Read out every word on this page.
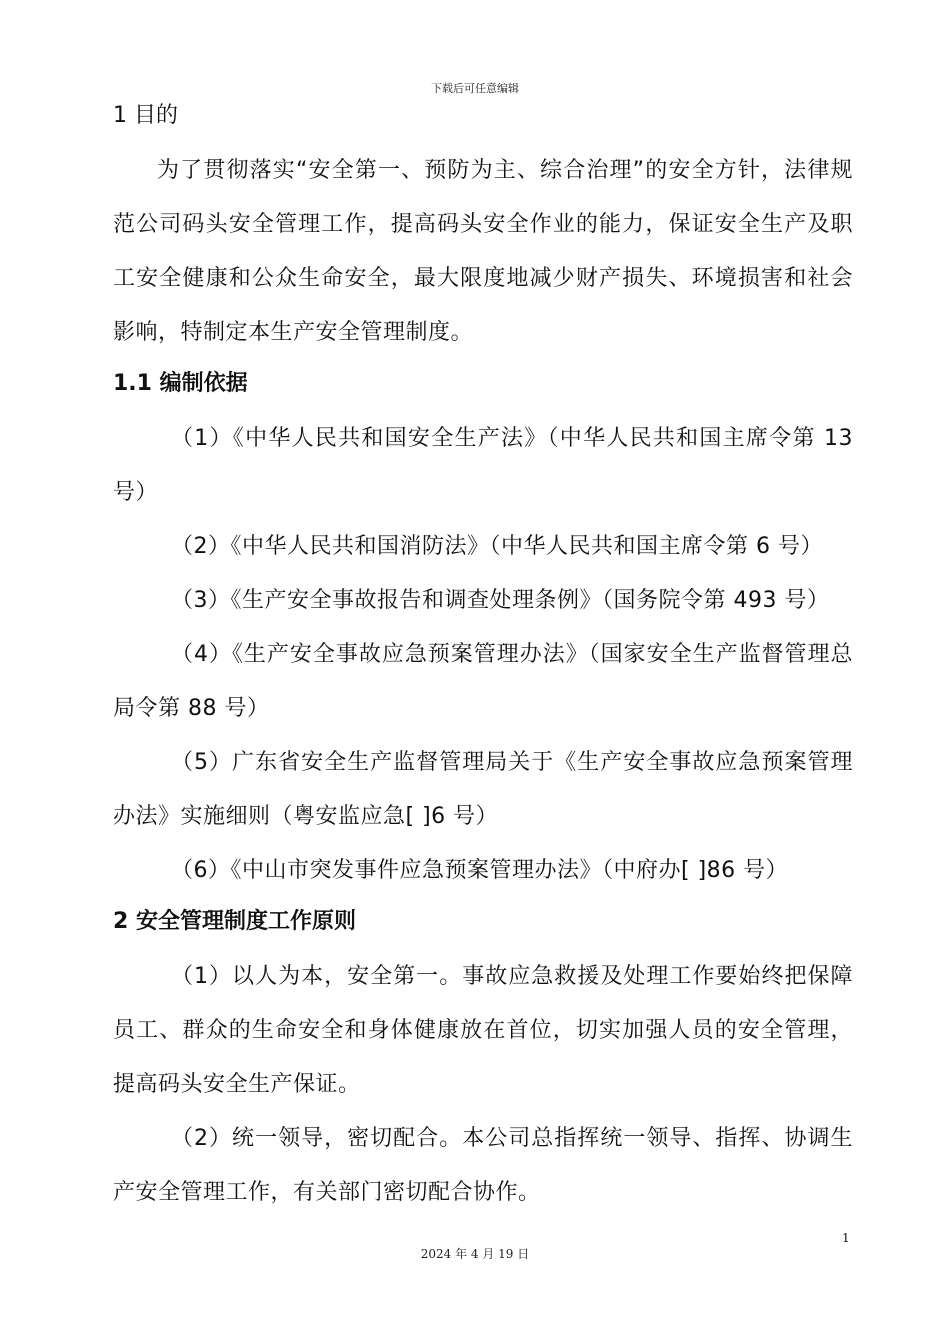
下载后可任意编辑
1 目的

为了贯彻落实“安全第一、预防为主、综合治理”的安全方针，法律规范公司码头安全管理工作，提高码头安全作业的能力，保证安全生产及职工安全健康和公众生命安全，最大限度地减少财产损失、环境损害和社会影响，特制定本生产安全管理制度。

1.1 编制依据

（1）《中华人民共和国安全生产法》（中华人民共和国主席令第 13 号）

（2）《中华人民共和国消防法》（中华人民共和国主席令第 6 号）

（3）《生产安全事故报告和调查处理条例》（国务院令第 493 号）

（4）《生产安全事故应急预案管理办法》（国家安全生产监督管理总局令第 88 号）

（5）广东省安全生产监督管理局关于《生产安全事故应急预案管理办法》实施细则（粤安监应急[ ]6 号）

（6）《中山市突发事件应急预案管理办法》（中府办[ ]86 号）

2 安全管理制度工作原则

（1）以人为本，安全第一。事故应急救援及处理工作要始终把保障员工、群众的生命安全和身体健康放在首位，切实加强人员的安全管理，提高码头安全生产保证。

（2）统一领导，密切配合。本公司总指挥统一领导、指挥、协调生产安全管理工作，有关部门密切配合协作。

1
2024 年 4 月 19 日
